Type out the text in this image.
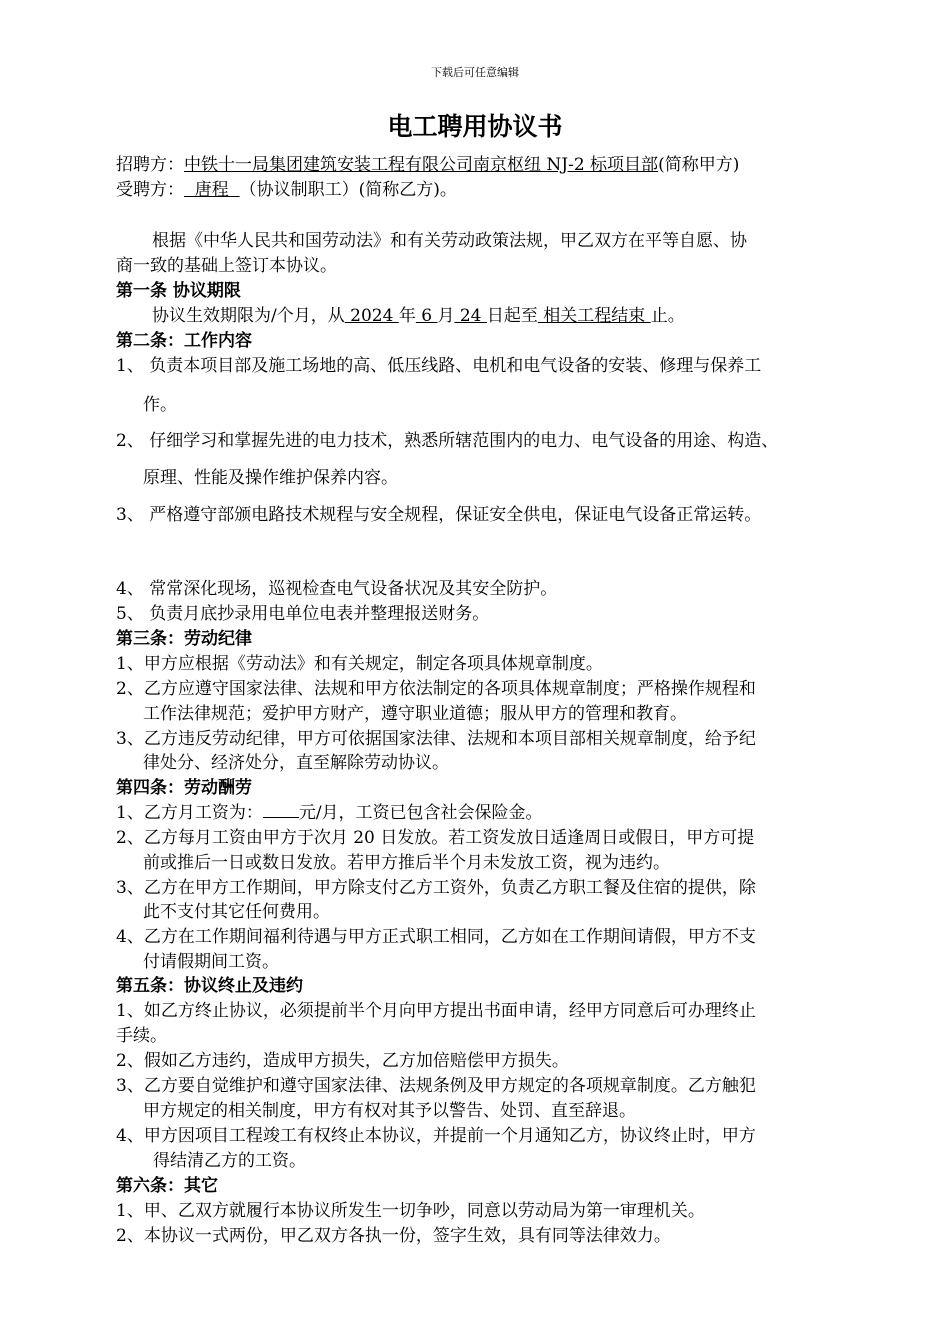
下载后可任意编辑
电工聘用协议书
招聘方：中铁十一局集团建筑安装工程有限公司南京枢纽 NJ-2 标项目部(简称甲方)
受聘方：  唐程  （协议制职工）(简称乙方)。
根据《中华人民共和国劳动法》和有关劳动政策法规，甲乙双方在平等自愿、协
商一致的基础上签订本协议。
第一条 协议期限
协议生效期限为/个月，从 2024 年 6 月 24 日起至 相关工程结束 止。
第二条：工作内容
1、 负责本项目部及施工场地的高、低压线路、电机和电气设备的安装、修理与保养工
作。
2、 仔细学习和掌握先进的电力技术，熟悉所辖范围内的电力、电气设备的用途、构造、
原理、性能及操作维护保养内容。
3、 严格遵守部颁电路技术规程与安全规程，保证安全供电，保证电气设备正常运转。
4、 常常深化现场，巡视检查电气设备状况及其安全防护。
5、 负责月底抄录用电单位电表并整理报送财务。
第三条：劳动纪律
1、甲方应根据《劳动法》和有关规定，制定各项具体规章制度。
2、乙方应遵守国家法律、法规和甲方依法制定的各项具体规章制度；严格操作规程和
工作法律规范；爱护甲方财产，遵守职业道德；服从甲方的管理和教育。
3、乙方违反劳动纪律，甲方可依据国家法律、法规和本项目部相关规章制度，给予纪
律处分、经济处分，直至解除劳动协议。
第四条：劳动酬劳
1、乙方月工资为： 元/月，工资已包含社会保险金。
2、乙方每月工资由甲方于次月 20 日发放。若工资发放日适逢周日或假日，甲方可提
前或推后一日或数日发放。若甲方推后半个月未发放工资，视为违约。
3、乙方在甲方工作期间，甲方除支付乙方工资外，负责乙方职工餐及住宿的提供，除
此不支付其它任何费用。
4、乙方在工作期间福利待遇与甲方正式职工相同，乙方如在工作期间请假，甲方不支
付请假期间工资。
第五条：协议终止及违约
1、如乙方终止协议，必须提前半个月向甲方提出书面申请，经甲方同意后可办理终止
手续。
2、假如乙方违约，造成甲方损失，乙方加倍赔偿甲方损失。
3、乙方要自觉维护和遵守国家法律、法规条例及甲方规定的各项规章制度。乙方触犯
甲方规定的相关制度，甲方有权对其予以警告、处罚、直至辞退。
4、甲方因项目工程竣工有权终止本协议，并提前一个月通知乙方，协议终止时，甲方
得结清乙方的工资。
第六条：其它
1、甲、乙双方就履行本协议所发生一切争吵，同意以劳动局为第一审理机关。
2、本协议一式两份，甲乙双方各执一份，签字生效，具有同等法律效力。
